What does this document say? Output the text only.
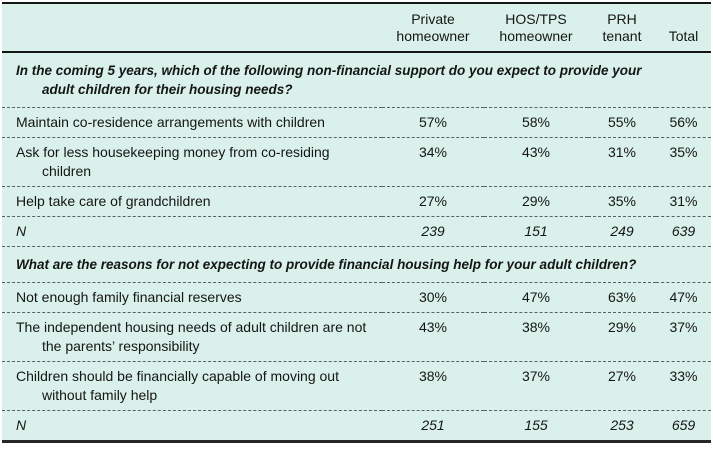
	Private homeowner	HOS/TPS homeowner	PRH tenant	Total
In the coming 5 years, which of the following non-financial support do you expect to provide your adult children for their housing needs?				
Maintain co-residence arrangements with children	57%	58%	55%	56%
Ask for less housekeeping money from co-residing children	34%	43%	31%	35%
Help take care of grandchildren	27%	29%	35%	31%
N	239	151	249	639
What are the reasons for not expecting to provide financial housing help for your adult children?				
Not enough family financial reserves	30%	47%	63%	47%
The independent housing needs of adult children are not the parents’ responsibility	43%	38%	29%	37%
Children should be financially capable of moving out without family help	38%	37%	27%	33%
N	251	155	253	659
